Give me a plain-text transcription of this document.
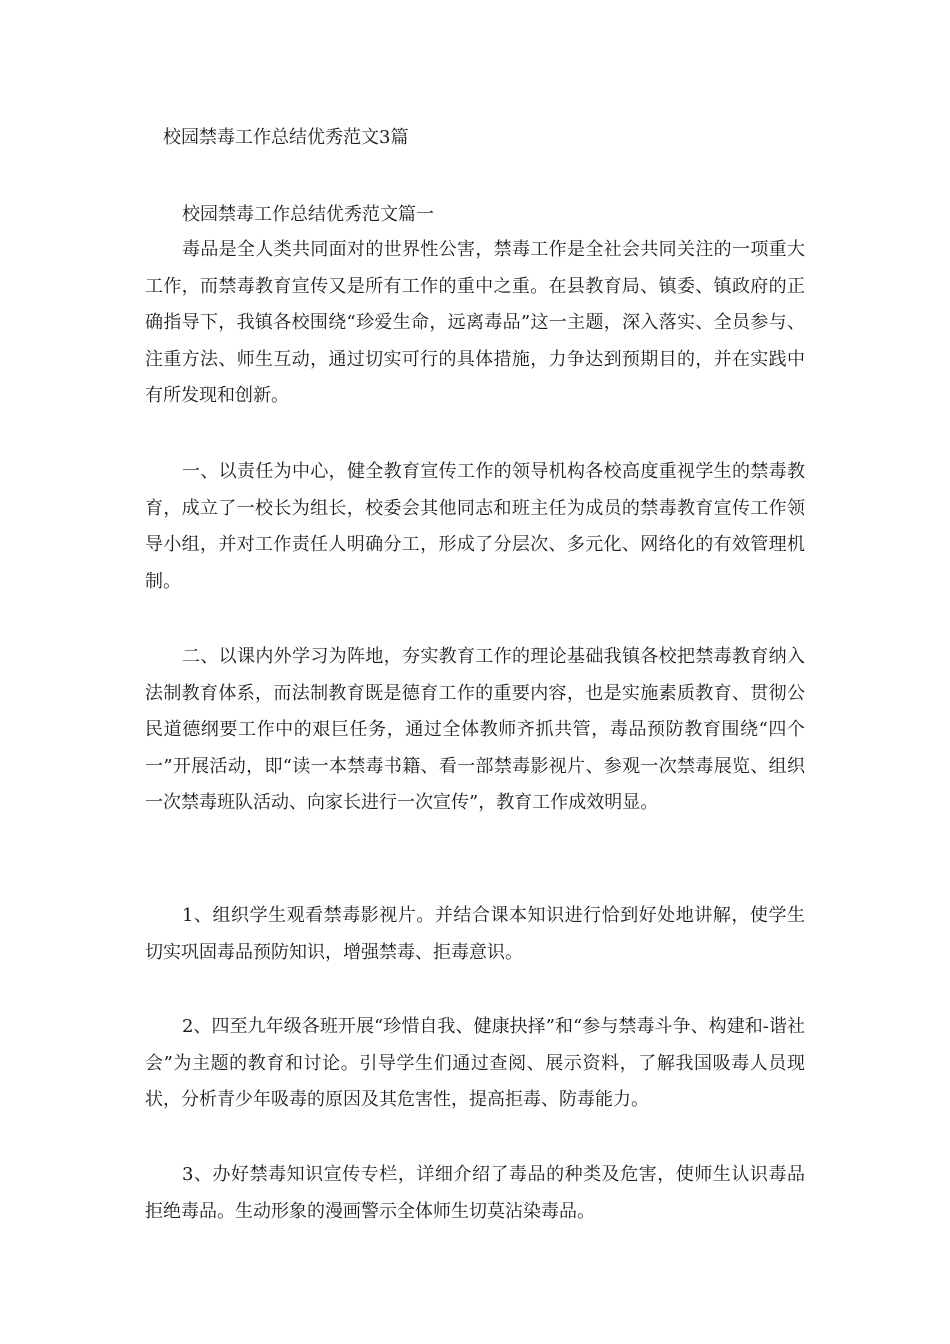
校园禁毒工作总结优秀范文3篇
校园禁毒工作总结优秀范文篇一

毒品是全人类共同面对的世界性公害，禁毒工作是全社会共同关注的一项重大工作，而禁毒教育宣传又是所有工作的重中之重。在县教育局、镇委、镇政府的正确指导下，我镇各校围绕“珍爱生命，远离毒品”这一主题，深入落实、全员参与、注重方法、师生互动，通过切实可行的具体措施，力争达到预期目的，并在实践中有所发现和创新。

一、以责任为中心，健全教育宣传工作的领导机构各校高度重视学生的禁毒教育，成立了一校长为组长，校委会其他同志和班主任为成员的禁毒教育宣传工作领导小组，并对工作责任人明确分工，形成了分层次、多元化、网络化的有效管理机制。

二、以课内外学习为阵地，夯实教育工作的理论基础我镇各校把禁毒教育纳入法制教育体系，而法制教育既是德育工作的重要内容，也是实施素质教育、贯彻公民道德纲要工作中的艰巨任务，通过全体教师齐抓共管，毒品预防教育围绕“四个一”开展活动，即“读一本禁毒书籍、看一部禁毒影视片、参观一次禁毒展览、组织一次禁毒班队活动、向家长进行一次宣传”，教育工作成效明显。

1、组织学生观看禁毒影视片。并结合课本知识进行恰到好处地讲解，使学生切实巩固毒品预防知识，增强禁毒、拒毒意识。

2、四至九年级各班开展“珍惜自我、健康抉择”和“参与禁毒斗争、构建和-谐社会”为主题的教育和讨论。引导学生们通过查阅、展示资料，了解我国吸毒人员现状，分析青少年吸毒的原因及其危害性，提高拒毒、防毒能力。

3、办好禁毒知识宣传专栏，详细介绍了毒品的种类及危害，使师生认识毒品拒绝毒品。生动形象的漫画警示全体师生切莫沾染毒品。
